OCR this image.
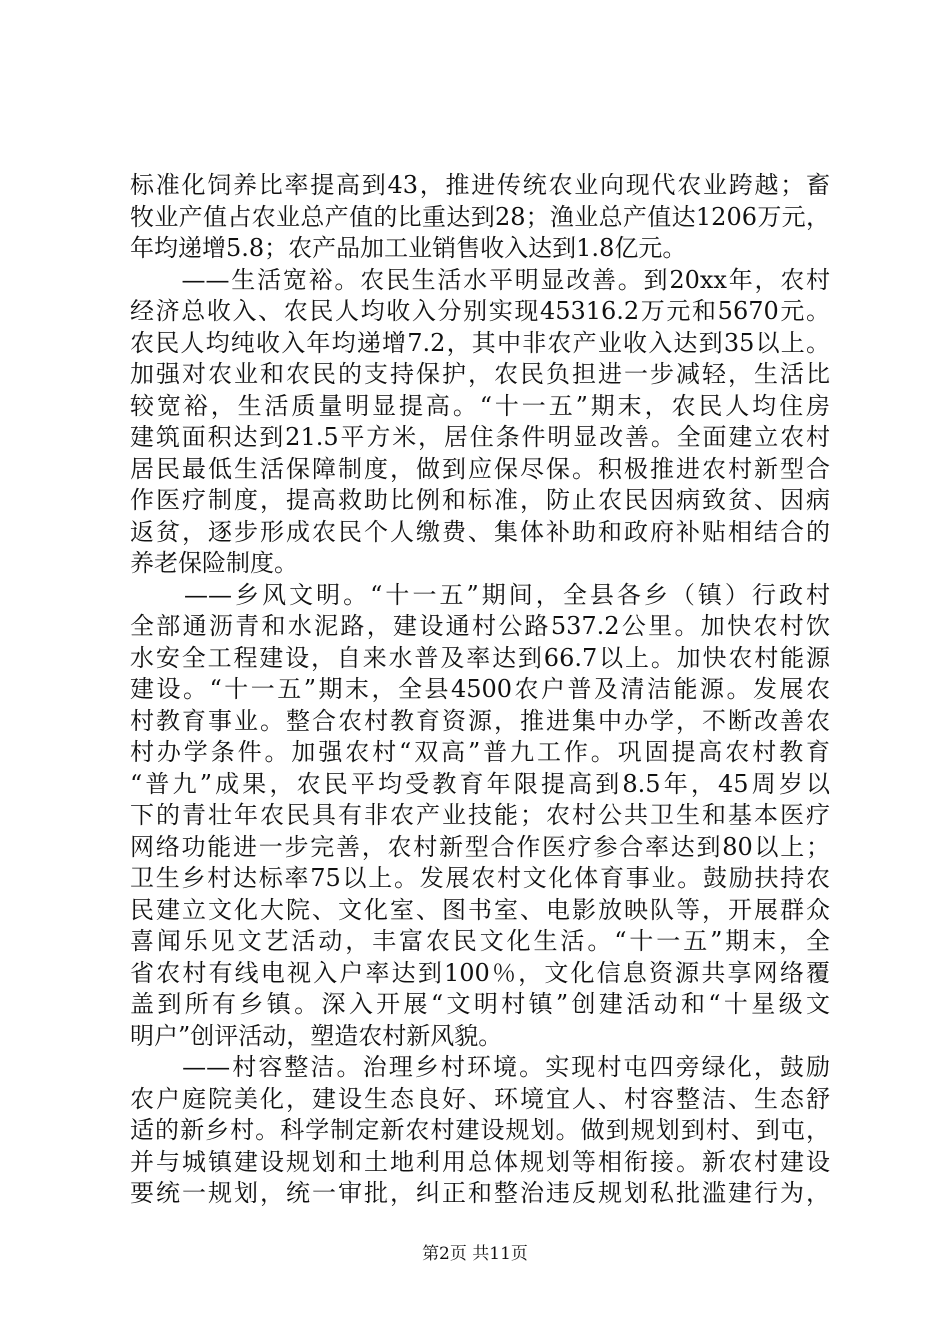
标准化饲养比率提高到43，推进传统农业向现代农业跨越；畜
牧业产值占农业总产值的比重达到28；渔业总产值达1206万元，
年均递增5.8；农产品加工业销售收入达到1.8亿元。
　　——生活宽裕。农民生活水平明显改善。到20xx年，农村
经济总收入、农民人均收入分别实现45316.2万元和5670元。
农民人均纯收入年均递增7.2，其中非农产业收入达到35以上。
加强对农业和农民的支持保护，农民负担进一步减轻，生活比
较宽裕，生活质量明显提高。“十一五”期末，农民人均住房
建筑面积达到21.5平方米，居住条件明显改善。全面建立农村
居民最低生活保障制度，做到应保尽保。积极推进农村新型合
作医疗制度，提高救助比例和标准，防止农民因病致贫、因病
返贫，逐步形成农民个人缴费、集体补助和政府补贴相结合的
养老保险制度。
　　——乡风文明。“十一五”期间，全县各乡（镇）行政村
全部通沥青和水泥路，建设通村公路537.2公里。加快农村饮
水安全工程建设，自来水普及率达到66.7以上。加快农村能源
建设。“十一五”期末，全县4500农户普及清洁能源。发展农
村教育事业。整合农村教育资源，推进集中办学，不断改善农
村办学条件。加强农村“双高”普九工作。巩固提高农村教育
“普九”成果，农民平均受教育年限提高到8.5年，45周岁以
下的青壮年农民具有非农产业技能；农村公共卫生和基本医疗
网络功能进一步完善，农村新型合作医疗参合率达到80以上；
卫生乡村达标率75以上。发展农村文化体育事业。鼓励扶持农
民建立文化大院、文化室、图书室、电影放映队等，开展群众
喜闻乐见文艺活动，丰富农民文化生活。“十一五”期末，全
省农村有线电视入户率达到100％，文化信息资源共享网络覆
盖到所有乡镇。深入开展“文明村镇”创建活动和“十星级文
明户”创评活动，塑造农村新风貌。
　　——村容整洁。治理乡村环境。实现村屯四旁绿化，鼓励
农户庭院美化，建设生态良好、环境宜人、村容整洁、生态舒
适的新乡村。科学制定新农村建设规划。做到规划到村、到屯，
并与城镇建设规划和土地利用总体规划等相衔接。新农村建设
要统一规划，统一审批，纠正和整治违反规划私批滥建行为，
第2页 共11页
